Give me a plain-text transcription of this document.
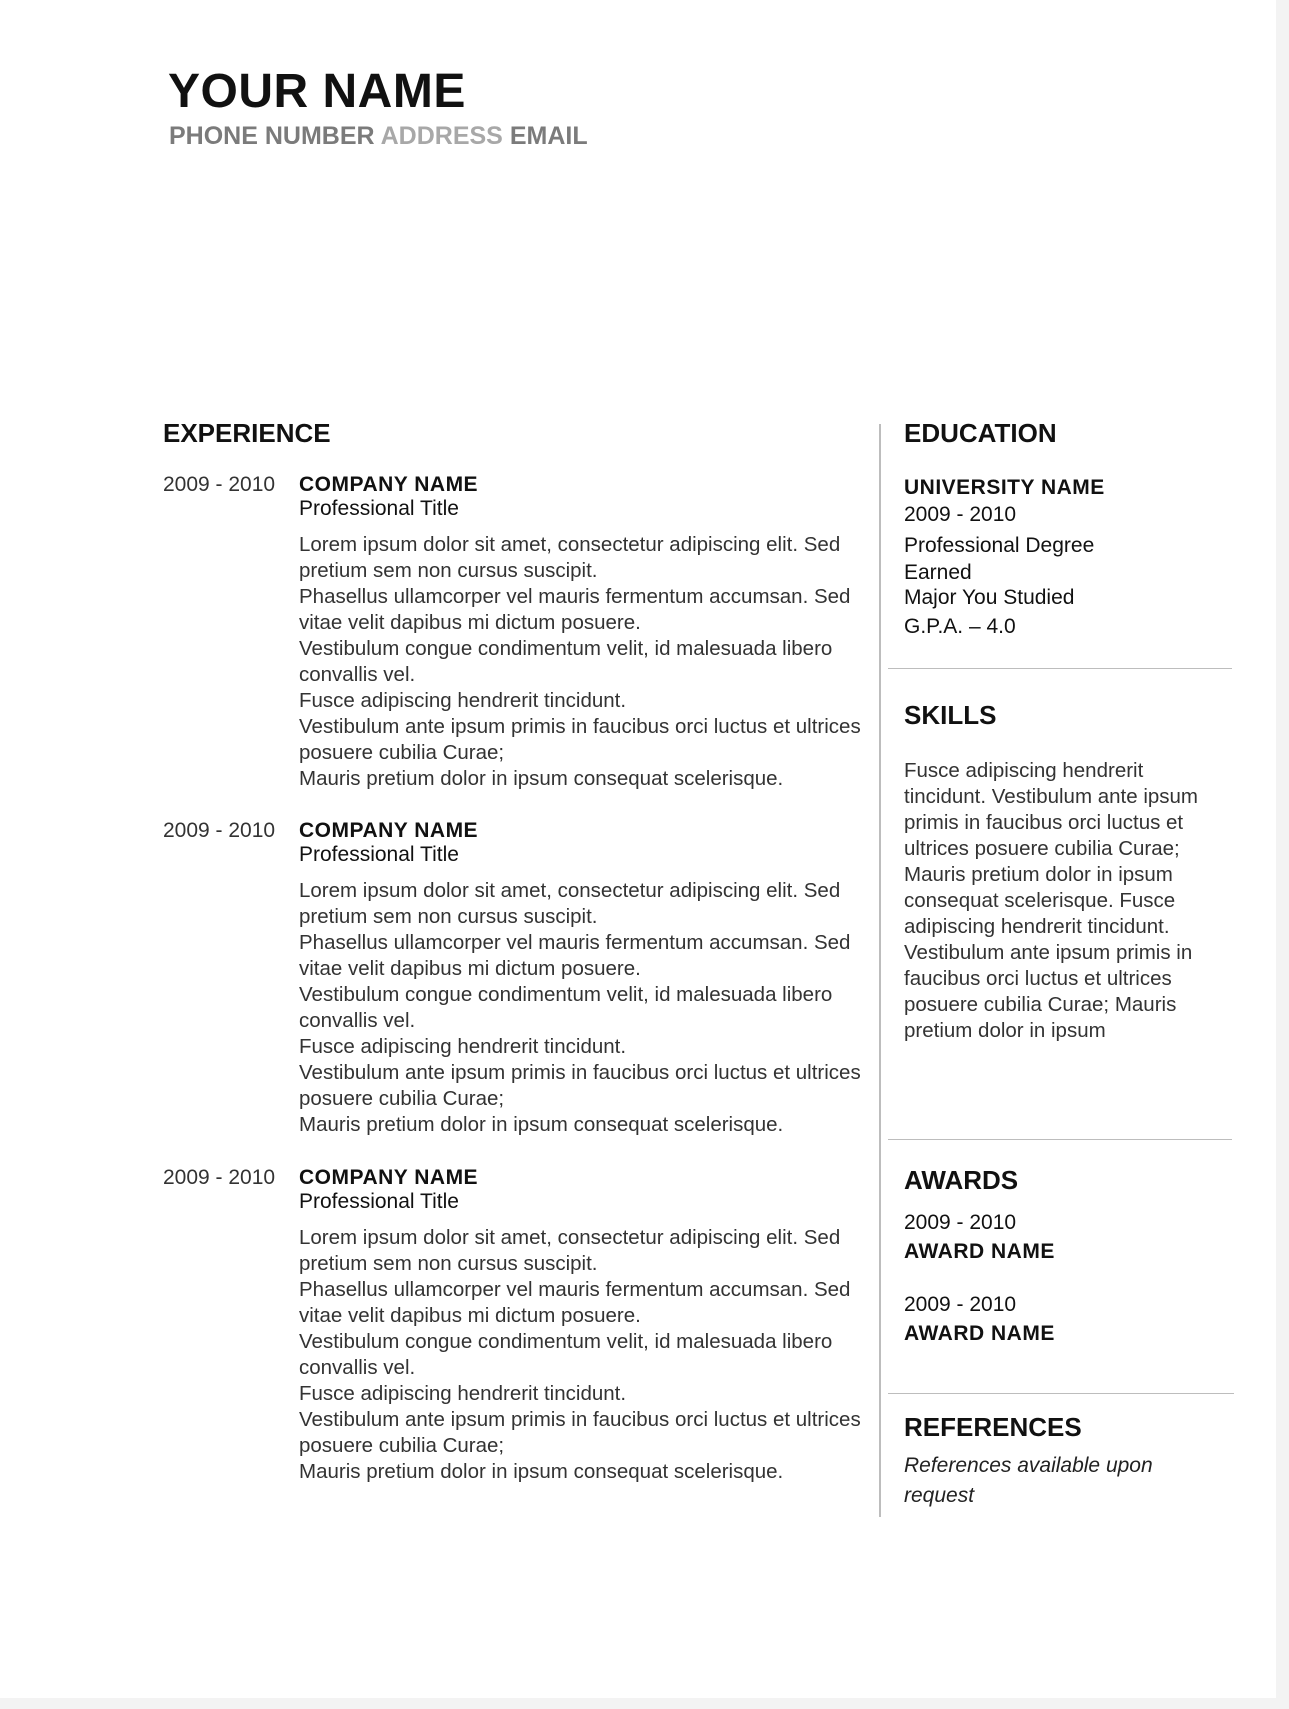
YOUR NAME
PHONE NUMBER ADDRESS EMAIL
EXPERIENCE
2009 - 2010 COMPANY NAME
Professional Title
Lorem ipsum dolor sit amet, consectetur adipiscing elit. Sed pretium sem non cursus suscipit.
Phasellus ullamcorper vel mauris fermentum accumsan. Sed vitae velit dapibus mi dictum posuere.
Vestibulum congue condimentum velit, id malesuada libero convallis vel.
Fusce adipiscing hendrerit tincidunt.
Vestibulum ante ipsum primis in faucibus orci luctus et ultrices posuere cubilia Curae;
Mauris pretium dolor in ipsum consequat scelerisque.
2009 - 2010 COMPANY NAME
Professional Title
Lorem ipsum dolor sit amet, consectetur adipiscing elit. Sed pretium sem non cursus suscipit.
Phasellus ullamcorper vel mauris fermentum accumsan. Sed vitae velit dapibus mi dictum posuere.
Vestibulum congue condimentum velit, id malesuada libero convallis vel.
Fusce adipiscing hendrerit tincidunt.
Vestibulum ante ipsum primis in faucibus orci luctus et ultrices posuere cubilia Curae;
Mauris pretium dolor in ipsum consequat scelerisque.
2009 - 2010 COMPANY NAME
Professional Title
Lorem ipsum dolor sit amet, consectetur adipiscing elit. Sed pretium sem non cursus suscipit.
Phasellus ullamcorper vel mauris fermentum accumsan. Sed vitae velit dapibus mi dictum posuere.
Vestibulum congue condimentum velit, id malesuada libero convallis vel.
Fusce adipiscing hendrerit tincidunt.
Vestibulum ante ipsum primis in faucibus orci luctus et ultrices posuere cubilia Curae;
Mauris pretium dolor in ipsum consequat scelerisque.
EDUCATION
UNIVERSITY NAME
2009 - 2010
Professional Degree
Earned
Major You Studied
G.P.A. – 4.0
SKILLS
Fusce adipiscing hendrerit tincidunt. Vestibulum ante ipsum primis in faucibus orci luctus et ultrices posuere cubilia Curae; Mauris pretium dolor in ipsum consequat scelerisque. Fusce adipiscing hendrerit tincidunt. Vestibulum ante ipsum primis in faucibus orci luctus et ultrices posuere cubilia Curae; Mauris pretium dolor in ipsum
AWARDS
2009 - 2010
AWARD NAME
2009 - 2010
AWARD NAME
REFERENCES
References available upon request
